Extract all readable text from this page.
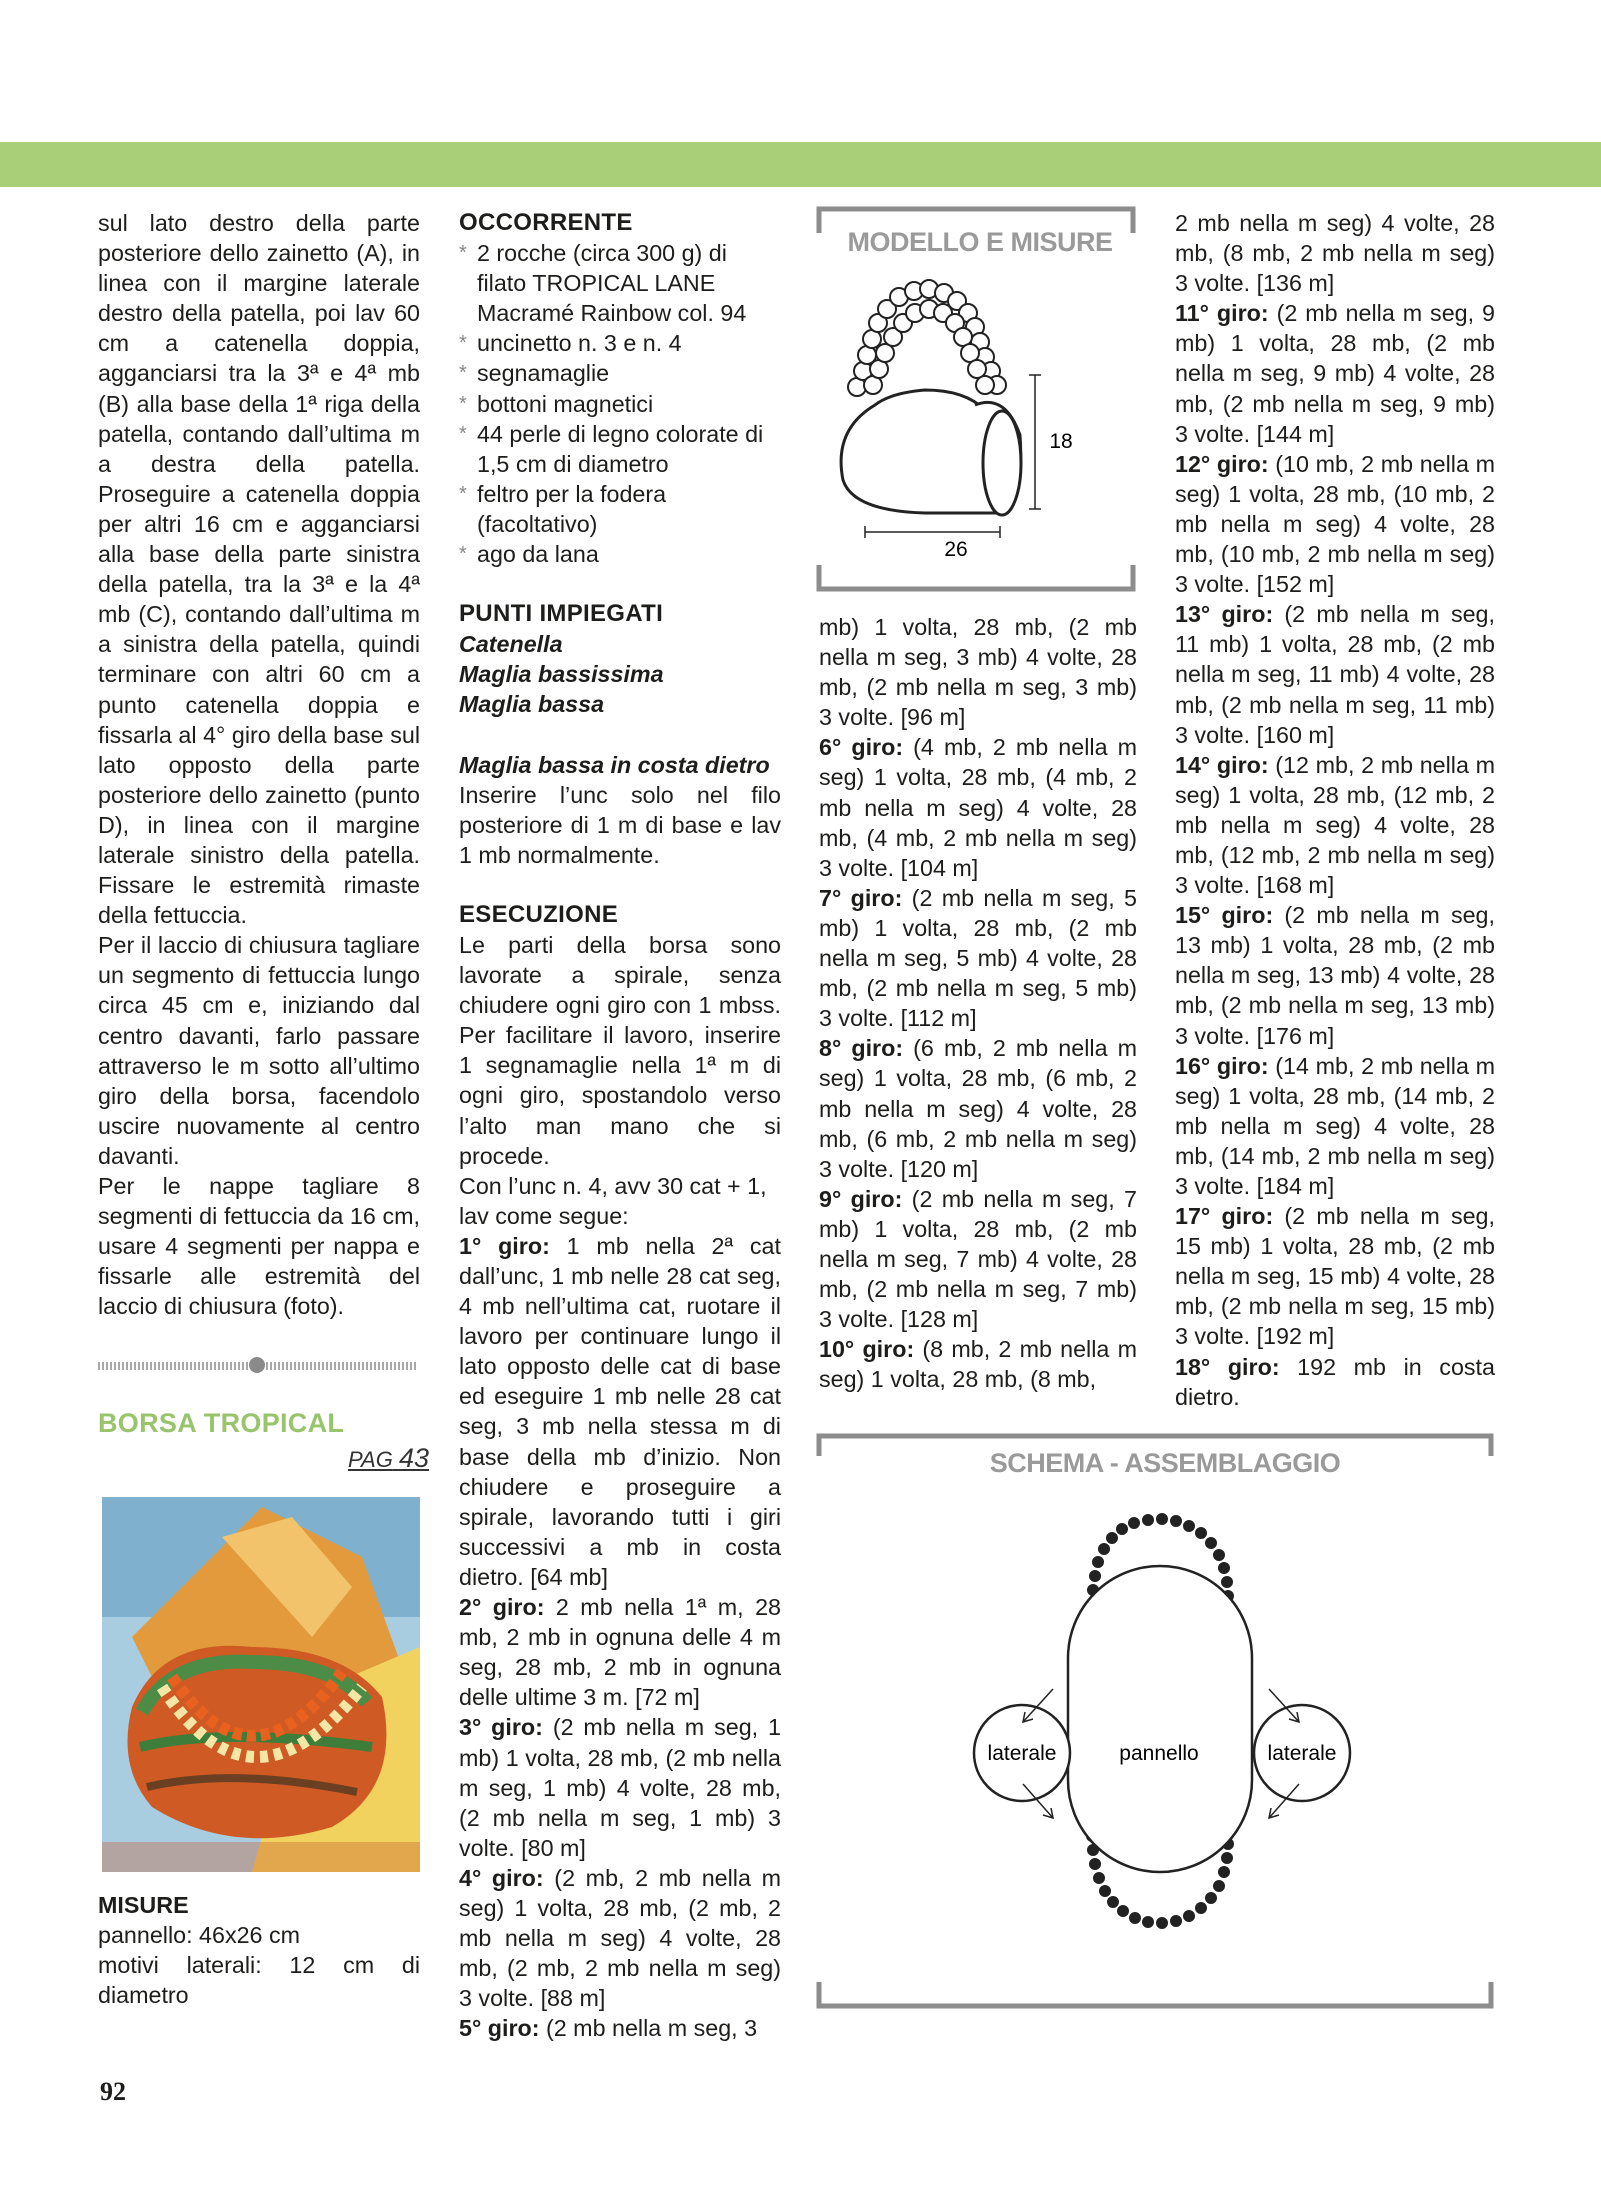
sul lato destro della parte posteriore dello zainetto (A), in linea con il margine laterale destro della patella, poi lav 60 cm a catenella doppia, agganciarsi tra la 3ª e 4ª mb (B) alla base della 1ª riga della patella, contando dall’ultima m a destra della patella. Proseguire a catenella doppia per altri 16 cm e agganciarsi alla base della parte sinistra della patella, tra la 3ª e la 4ª mb (C), contando dall’ultima m a sinistra della patella, quindi terminare con altri 60 cm a punto catenella doppia e fissarla al 4° giro della base sul lato opposto della parte posteriore dello zainetto (punto D), in linea con il margine laterale sinistro della patella. Fissare le estremità rimaste della fettuccia.

Per il laccio di chiusura tagliare un segmento di fettuccia lungo circa 45 cm e, iniziando dal centro davanti, farlo passare attraverso le m sotto all’ultimo giro della borsa, facendolo uscire nuovamente al centro davanti.

Per le nappe tagliare 8 segmenti di fettuccia da 16 cm, usare 4 segmenti per nappa e fissarle alle estremità del laccio di chiusura (foto).

BORSA TROPICAL
PAG 43
MISURE
pannello: 46x26 cm
motivi laterali: 12 cm di diametro
OCCORRENTE
* 2 rocche (circa 300 g) di filato TROPICAL LANE Macramé Rainbow col. 94
* uncinetto n. 3 e n. 4
* segnamaglie
* bottoni magnetici
* 44 perle di legno colorate di 1,5 cm di diametro
* feltro per la fodera (facoltativo)
* ago da lana
PUNTI IMPIEGATI
Catenella
Maglia bassissima
Maglia bassa
Maglia bassa in costa dietro
Inserire l’unc solo nel filo posteriore di 1 m di base e lav 1 mb normalmente.
ESECUZIONE

Le parti della borsa sono lavorate a spirale, senza chiudere ogni giro con 1 mbss. Per facilitare il lavoro, inserire 1 segnamaglie nella 1ª m di ogni giro, spostandolo verso l’alto man mano che si procede.

Con l’unc n. 4, avv 30 cat + 1, lav come segue:

1° giro: 1 mb nella 2ª cat dall’unc, 1 mb nelle 28 cat seg, 4 mb nell’ultima cat, ruotare il lavoro per continuare lungo il lato opposto delle cat di base ed eseguire 1 mb nelle 28 cat seg, 3 mb nella stessa m di base della mb d’inizio. Non chiudere e proseguire a spirale, lavorando tutti i giri successivi a mb in costa dietro. [64 mb]

2° giro: 2 mb nella 1ª m, 28 mb, 2 mb in ognuna delle 4 m seg, 28 mb, 2 mb in ognuna delle ultime 3 m. [72 m]

3° giro: (2 mb nella m seg, 1 mb) 1 volta, 28 mb, (2 mb nella m seg, 1 mb) 4 volte, 28 mb, (2 mb nella m seg, 1 mb) 3 volte. [80 m]

4° giro: (2 mb, 2 mb nella m seg) 1 volta, 28 mb, (2 mb, 2 mb nella m seg) 4 volte, 28 mb, (2 mb, 2 mb nella m seg) 3 volte. [88 m]

5° giro: (2 mb nella m seg, 3

MODELLO E MISURE
26
18

mb) 1 volta, 28 mb, (2 mb nella m seg, 3 mb) 4 volte, 28 mb, (2 mb nella m seg, 3 mb) 3 volte. [96 m]

6° giro: (4 mb, 2 mb nella m seg) 1 volta, 28 mb, (4 mb, 2 mb nella m seg) 4 volte, 28 mb, (4 mb, 2 mb nella m seg) 3 volte. [104 m]

7° giro: (2 mb nella m seg, 5 mb) 1 volta, 28 mb, (2 mb nella m seg, 5 mb) 4 volte, 28 mb, (2 mb nella m seg, 5 mb) 3 volte. [112 m]

8° giro: (6 mb, 2 mb nella m seg) 1 volta, 28 mb, (6 mb, 2 mb nella m seg) 4 volte, 28 mb, (6 mb, 2 mb nella m seg) 3 volte. [120 m]

9° giro: (2 mb nella m seg, 7 mb) 1 volta, 28 mb, (2 mb nella m seg, 7 mb) 4 volte, 28 mb, (2 mb nella m seg, 7 mb) 3 volte. [128 m]

10° giro: (8 mb, 2 mb nella m seg) 1 volta, 28 mb, (8 mb,

2 mb nella m seg) 4 volte, 28 mb, (8 mb, 2 mb nella m seg) 3 volte. [136 m]

11° giro: (2 mb nella m seg, 9 mb) 1 volta, 28 mb, (2 mb nella m seg, 9 mb) 4 volte, 28 mb, (2 mb nella m seg, 9 mb) 3 volte. [144 m]

12° giro: (10 mb, 2 mb nella m seg) 1 volta, 28 mb, (10 mb, 2 mb nella m seg) 4 volte, 28 mb, (10 mb, 2 mb nella m seg) 3 volte. [152 m]

13° giro: (2 mb nella m seg, 11 mb) 1 volta, 28 mb, (2 mb nella m seg, 11 mb) 4 volte, 28 mb, (2 mb nella m seg, 11 mb) 3 volte. [160 m]

14° giro: (12 mb, 2 mb nella m seg) 1 volta, 28 mb, (12 mb, 2 mb nella m seg) 4 volte, 28 mb, (12 mb, 2 mb nella m seg) 3 volte. [168 m]

15° giro: (2 mb nella m seg, 13 mb) 1 volta, 28 mb, (2 mb nella m seg, 13 mb) 4 volte, 28 mb, (2 mb nella m seg, 13 mb) 3 volte. [176 m]

16° giro: (14 mb, 2 mb nella m seg) 1 volta, 28 mb, (14 mb, 2 mb nella m seg) 4 volte, 28 mb, (14 mb, 2 mb nella m seg) 3 volte. [184 m]

17° giro: (2 mb nella m seg, 15 mb) 1 volta, 28 mb, (2 mb nella m seg, 15 mb) 4 volte, 28 mb, (2 mb nella m seg, 15 mb) 3 volte. [192 m]

18° giro: 192 mb in costa dietro.

SCHEMA - ASSEMBLAGGIO
pannello
laterale	laterale
92
